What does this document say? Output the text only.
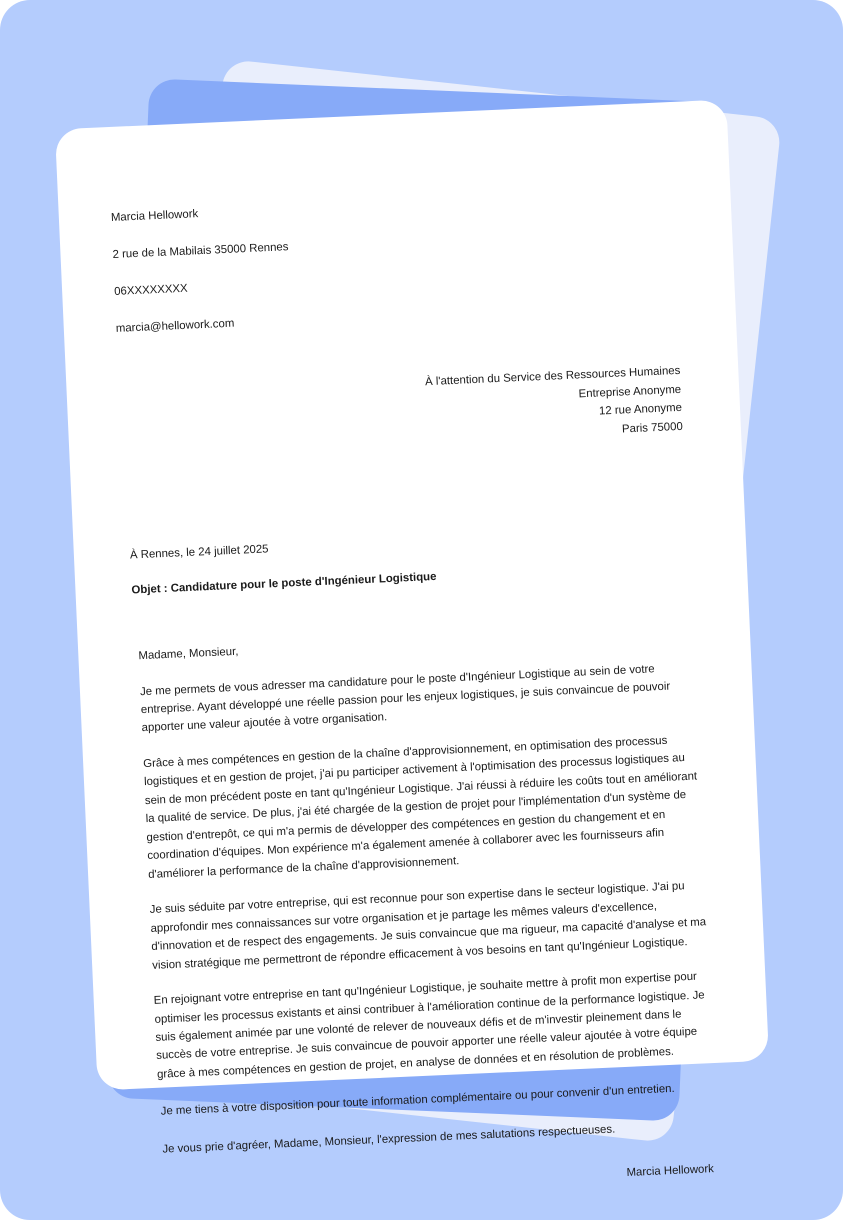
Marcia Hellowork

2 rue de la Mabilais 35000 Rennes

06XXXXXXXX

marcia@hellowork.com

À l'attention du Service des Ressources Humaines
Entreprise Anonyme
12 rue Anonyme
Paris 75000
À Rennes, le 24 juillet 2025
Objet : Candidature pour le poste d'Ingénieur Logistique
Madame, Monsieur,

Je me permets de vous adresser ma candidature pour le poste d'Ingénieur Logistique au sein de votre entreprise. Ayant développé une réelle passion pour les enjeux logistiques, je suis convaincue de pouvoir apporter une valeur ajoutée à votre organisation.

Grâce à mes compétences en gestion de la chaîne d'approvisionnement, en optimisation des processus logistiques et en gestion de projet, j'ai pu participer activement à l'optimisation des processus logistiques au sein de mon précédent poste en tant qu'Ingénieur Logistique. J'ai réussi à réduire les coûts tout en améliorant la qualité de service. De plus, j'ai été chargée de la gestion de projet pour l'implémentation d'un système de gestion d'entrepôt, ce qui m'a permis de développer des compétences en gestion du changement et en coordination d'équipes. Mon expérience m'a également amenée à collaborer avec les fournisseurs afin d'améliorer la performance de la chaîne d'approvisionnement.

Je suis séduite par votre entreprise, qui est reconnue pour son expertise dans le secteur logistique. J'ai pu approfondir mes connaissances sur votre organisation et je partage les mêmes valeurs d'excellence, d'innovation et de respect des engagements. Je suis convaincue que ma rigueur, ma capacité d'analyse et ma vision stratégique me permettront de répondre efficacement à vos besoins en tant qu'Ingénieur Logistique.

En rejoignant votre entreprise en tant qu'Ingénieur Logistique, je souhaite mettre à profit mon expertise pour optimiser les processus existants et ainsi contribuer à l'amélioration continue de la performance logistique. Je suis également animée par une volonté de relever de nouveaux défis et de m'investir pleinement dans le succès de votre entreprise. Je suis convaincue de pouvoir apporter une réelle valeur ajoutée à votre équipe grâce à mes compétences en gestion de projet, en analyse de données et en résolution de problèmes.

Je me tiens à votre disposition pour toute information complémentaire ou pour convenir d'un entretien.

Je vous prie d'agréer, Madame, Monsieur, l'expression de mes salutations respectueuses.

Marcia Hellowork
